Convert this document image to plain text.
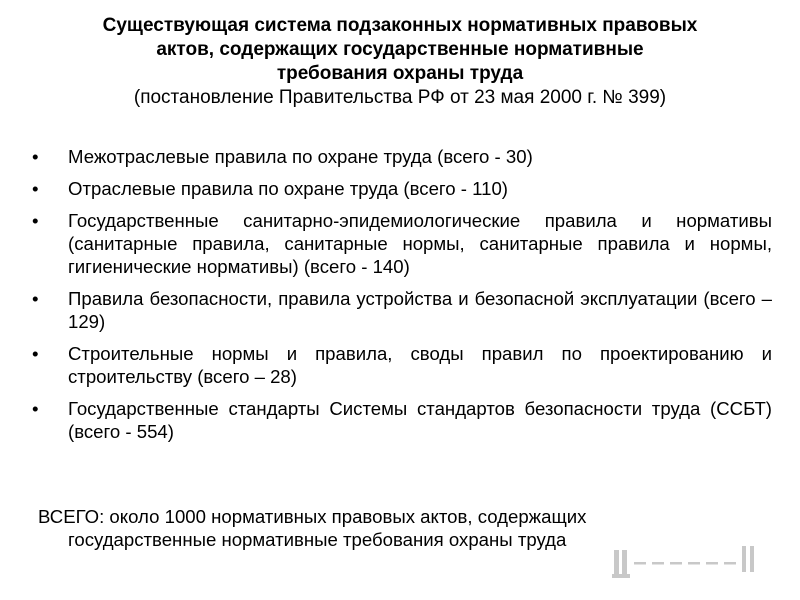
Существующая система подзаконных нормативных правовых
актов, содержащих государственные нормативные
требования охраны труда
(постановление Правительства РФ от 23 мая 2000 г. № 399)
• Межотраслевые правила по охране труда (всего - 30)
• Отраслевые правила по охране труда (всего - 110)
• Государственные санитарно-эпидемиологические правила и нормативы (санитарные правила, санитарные нормы, санитарные правила и нормы, гигиенические нормативы) (всего - 140)
• Правила безопасности, правила устройства и безопасной эксплуатации (всего – 129)
• Строительные нормы и правила, своды правил по проектированию и строительству (всего – 28)
• Государственные стандарты Системы стандартов безопасности труда (ССБТ) (всего - 554)
ВСЕГО: около 1000 нормативных правовых актов, содержащих
государственные нормативные требования охраны труда
